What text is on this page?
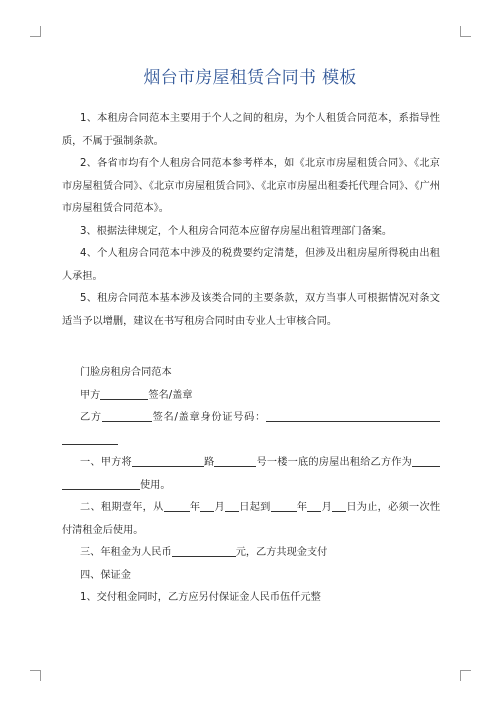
烟台市房屋租赁合同书 模板

1、本租房合同范本主要用于个人之间的租房，为个人租赁合同范本，系指导性质，不属于强制条款。

2、各省市均有个人租房合同范本参考样本，如《北京市房屋租赁合同》、《北京市房屋租赁合同》、《北京市房屋租赁合同》、《北京市房屋出租委托代理合同》、《广州市房屋租赁合同范本》。

3、根据法律规定，个人租房合同范本应留存房屋出租管理部门备案。

4、个人租房合同范本中涉及的税费要约定清楚，但涉及出租房屋所得税由出租人承担。

5、租房合同范本基本涉及该类合同的主要条款，双方当事人可根据情况对条文适当予以增删，建议在书写租房合同时由专业人士审核合同。

门脸房租房合同范本

甲方	签名/盖章

乙方	签名/盖章身份证号码：

一、甲方将	路	号一楼一底的房屋出租给乙方作为使用。

二、租期壹年，从	年 月 日起到	年 月 日为止，必须一次性付清租金后使用。

三、年租金为人民币	元，乙方共现金支付

四、保证金

1、交付租金同时，乙方应另付保证金人民币伍仟元整
